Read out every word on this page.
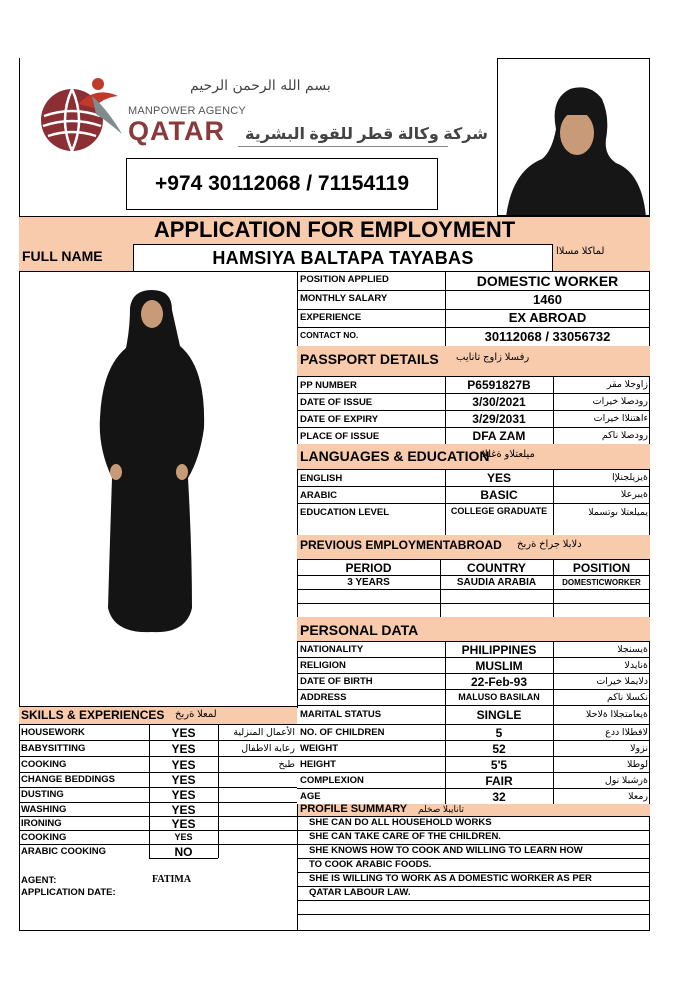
بسم الله الرحمن الرحيم
MANPOWER AGENCY
QATAR شركة وكالة قطر للقوة البشرية
+974 30112068 / 71154119
APPLICATION FOR EMPLOYMENT
FULL NAME	HAMSIYA BALTAPA TAYABAS	لماكلا مسلاا
POSITION APPLIED	DOMESTIC WORKER
MONTHLY SALARY	1460
EXPERIENCE	EX ABROAD
CONTACT NO.	30112068 / 33056732
PASSPORT DETAILS رفسلا زاوج تانايب
PP NUMBER	P6591827B	زاوجلا مقر
DATE OF ISSUE	3/30/2021	رودصلا خيرات
DATE OF EXPIRY	3/29/2031	ءاهتنلاا خيرات
PLACE OF ISSUE	DFA ZAM	رودصلا ناكم
LANGUAGES & EDUCATION
ميلعتلاو ةغللا
ENGLISH	YES	ةيزيلجنلإا
ARABIC	BASIC	ةيبرعلا
EDUCATION LEVEL	COLLEGE GRADUATE	يميلعتلا ىوتسملا
PREVIOUS EMPLOYMENTABROAD دلابلا جراخ ةربخ
PERIOD	COUNTRY	POSITION
3 YEARS	SAUDIA ARABIA	DOMESTICWORKER
PERSONAL DATA
NATIONALITY	PHILIPPINES	ةيسنجلا
RELIGION	MUSLIM	ةنايدلا
DATE OF BIRTH	22-Feb-93	دلايملا خيرات
ADDRESS	MALUSO BASILAN	نكسلا ناكم
MARITAL STATUS	SINGLE	ةيعامتجلاا ةلاحلا
NO. OF CHILDREN	5	لافطلاا ددع
WEIGHT	52	نزولا
HEIGHT	5'5	لوطلا
COMPLEXION	FAIR	ةرشبلا نول
AGE	32	رمعلا
SKILLS & EXPERIENCES لمعلا ةربخ
HOUSEWORK	YES	الأعمال المنزلية
BABYSITTING	YES	رعاية الاطفال
COOKING	YES	طبخ
CHANGE BEDDINGS	YES
DUSTING	YES
WASHING	YES
IRONING	YES
COOKING	YES
ARABIC COOKING	NO
AGENT:	FATIMA
APPLICATION DATE:
PROFILE SUMMARY تانايبلا صخلم
SHE CAN DO ALL HOUSEHOLD WORKS
SHE CAN TAKE CARE OF THE CHILDREN.
SHE KNOWS HOW TO COOK AND WILLING TO LEARN HOW
TO COOK ARABIC FOODS.
SHE IS WILLING TO WORK AS A DOMESTIC WORKER AS PER
QATAR LABOUR LAW.
